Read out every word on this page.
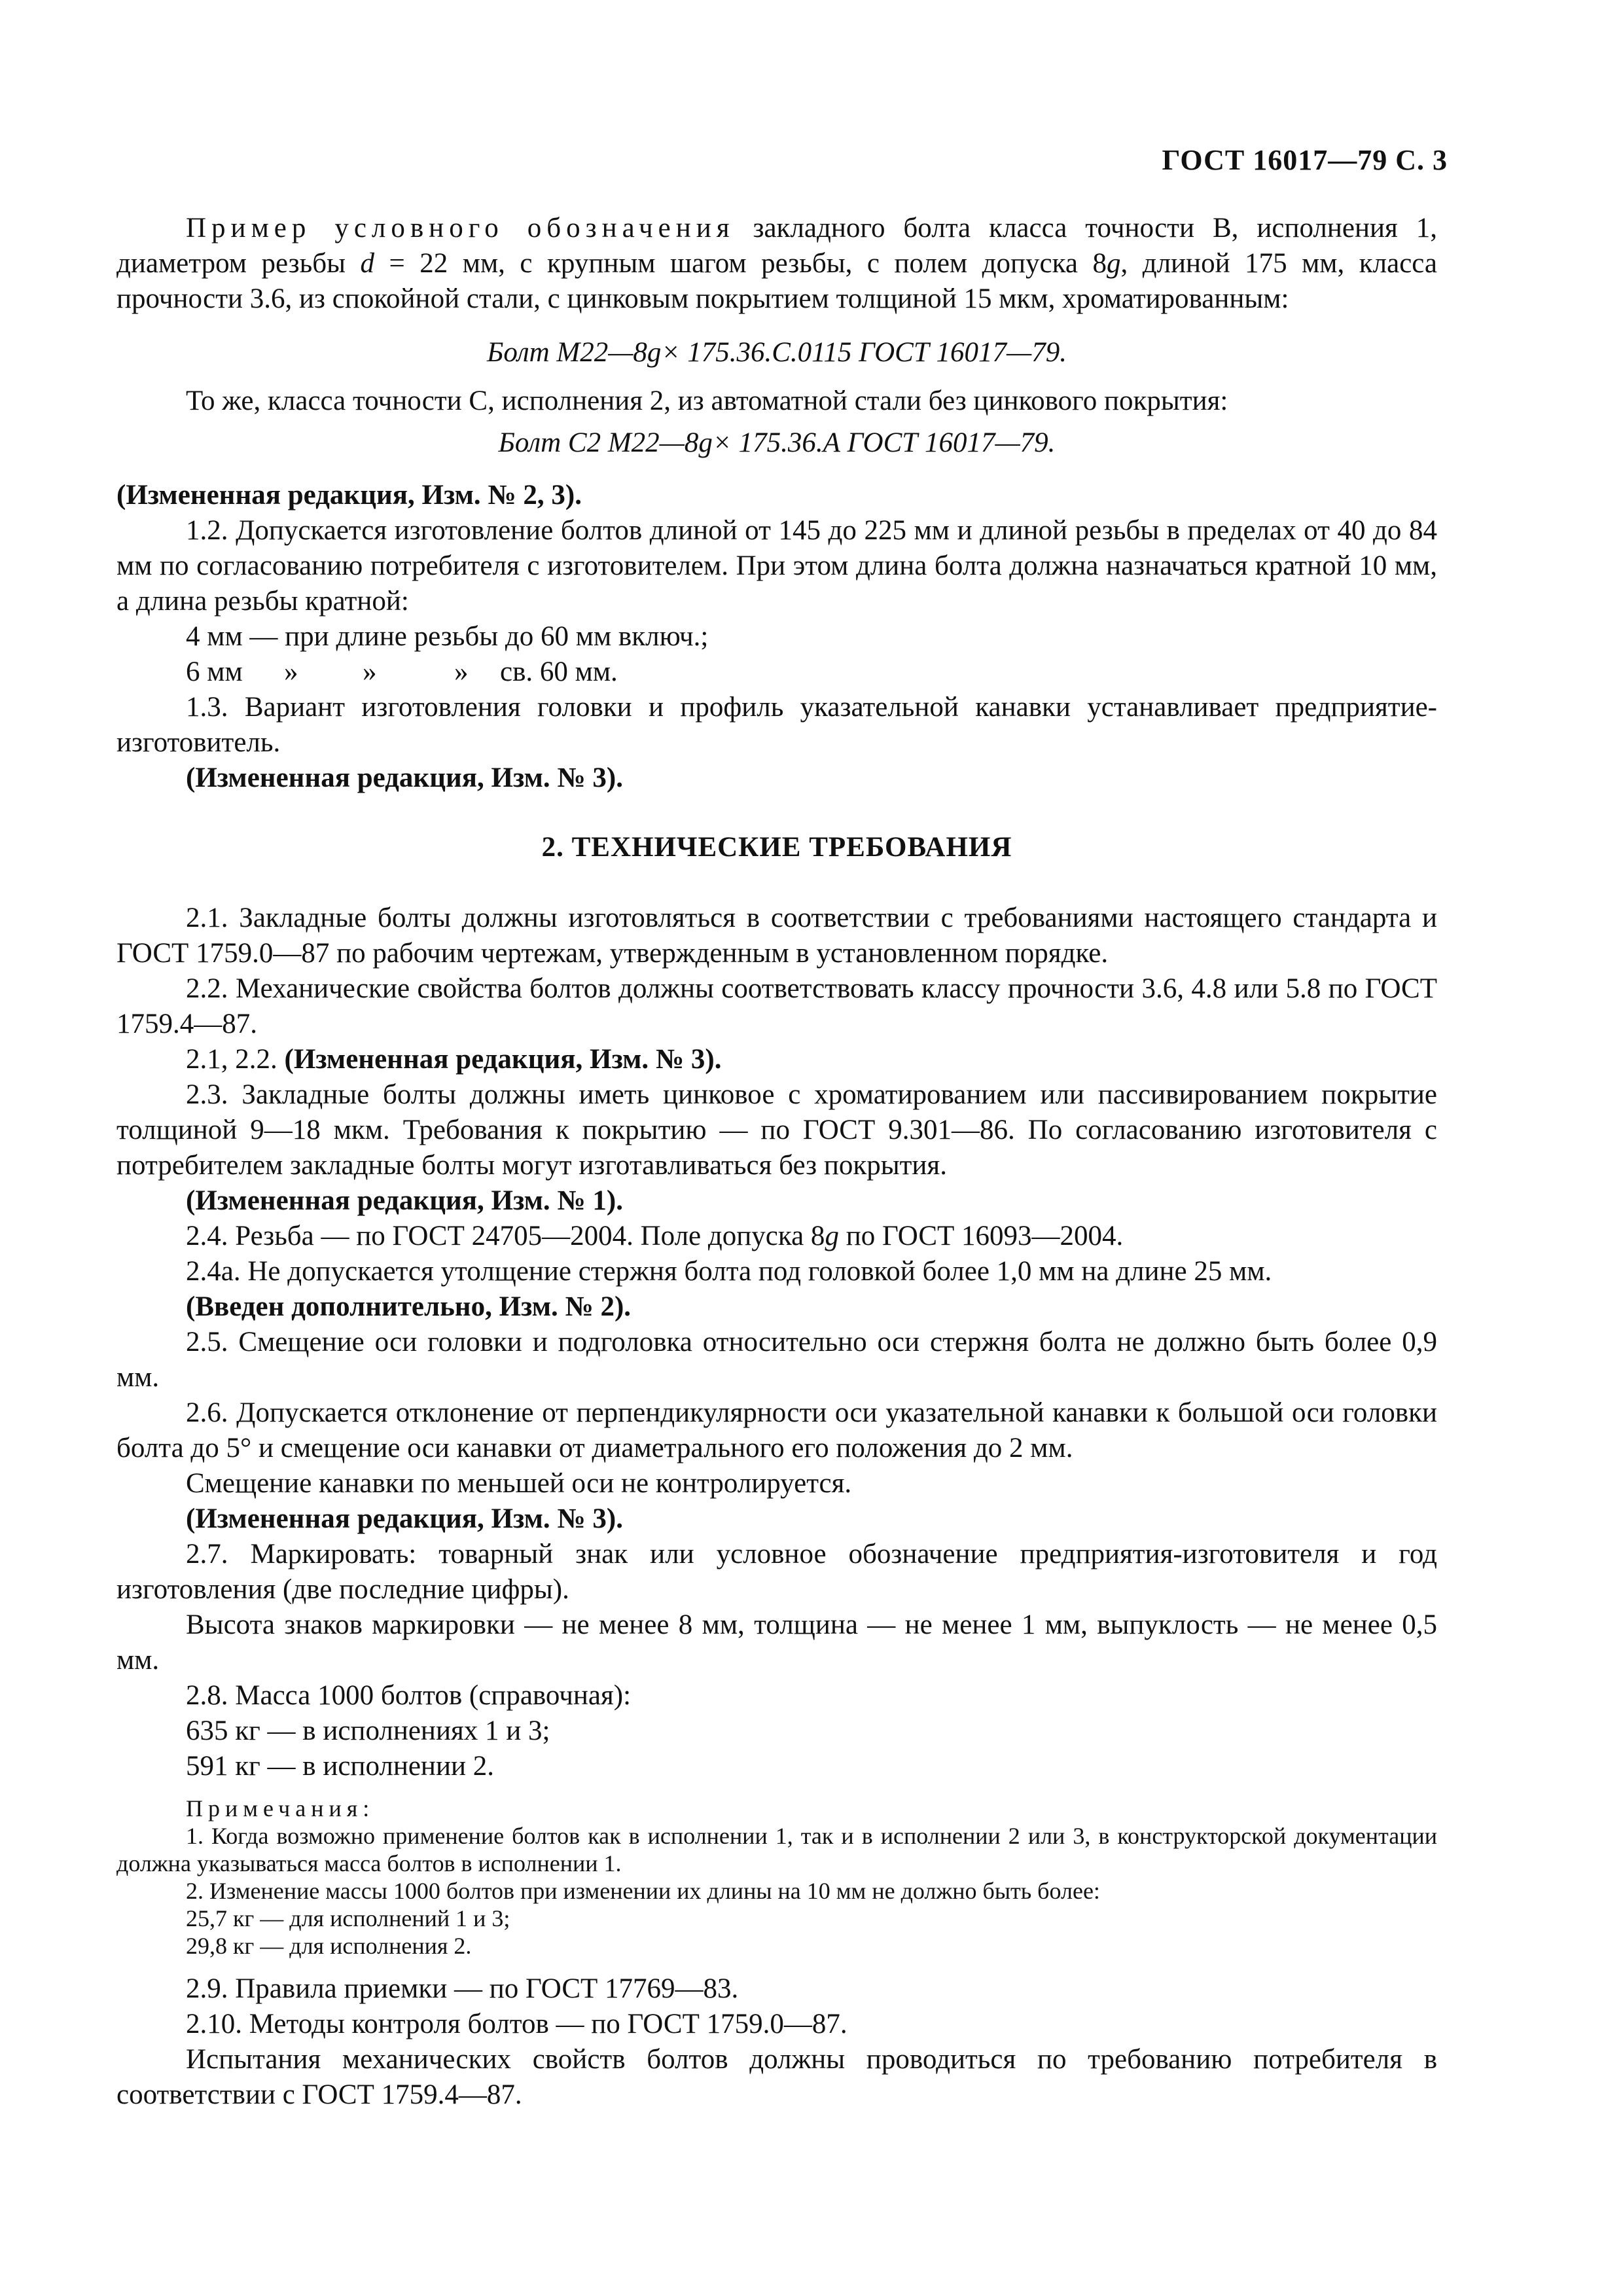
ГОСТ 16017—79 С. 3

Пример условного обозначения закладного болта класса точности В, исполнения 1, диаметром резьбы d = 22 мм, с крупным шагом резьбы, с полем допуска 8g, длиной 175 мм, класса прочности 3.6, из спокойной стали, с цинковым покрытием толщиной 15 мкм, хроматированным:

Болт М22—8g× 175.36.С.0115 ГОСТ 16017—79.

То же, класса точности С, исполнения 2, из автоматной стали без цинкового покрытия:

Болт С2 М22—8g× 175.36.А ГОСТ 16017—79.

(Измененная редакция, Изм. № 2, 3).

1.2. Допускается изготовление болтов длиной от 145 до 225 мм и длиной резьбы в пределах от 40 до 84 мм по согласованию потребителя с изготовителем. При этом длина болта должна назначаться кратной 10 мм, а длина резьбы кратной:

4 мм — при длине резьбы до 60 мм включ.;

6 мм	»	»	»	св. 60 мм.

1.3. Вариант изготовления головки и профиль указательной канавки устанавливает предприятие-изготовитель.

(Измененная редакция, Изм. № 3).

2. ТЕХНИЧЕСКИЕ ТРЕБОВАНИЯ

2.1. Закладные болты должны изготовляться в соответствии с требованиями настоящего стандарта и ГОСТ 1759.0—87 по рабочим чертежам, утвержденным в установленном порядке.

2.2. Механические свойства болтов должны соответствовать классу прочности 3.6, 4.8 или 5.8 по ГОСТ 1759.4—87.

2.1, 2.2. (Измененная редакция, Изм. № 3).

2.3. Закладные болты должны иметь цинковое с хроматированием или пассивированием покрытие толщиной 9—18 мкм. Требования к покрытию — по ГОСТ 9.301—86. По согласованию изготовителя с потребителем закладные болты могут изготавливаться без покрытия.

(Измененная редакция, Изм. № 1).

2.4. Резьба — по ГОСТ 24705—2004. Поле допуска 8g по ГОСТ 16093—2004.

2.4а. Не допускается утолщение стержня болта под головкой более 1,0 мм на длине 25 мм.

(Введен дополнительно, Изм. № 2).

2.5. Смещение оси головки и подголовка относительно оси стержня болта не должно быть более 0,9 мм.

2.6. Допускается отклонение от перпендикулярности оси указательной канавки к большой оси головки болта до 5° и смещение оси канавки от диаметрального его положения до 2 мм.

Смещение канавки по меньшей оси не контролируется.

(Измененная редакция, Изм. № 3).

2.7. Маркировать: товарный знак или условное обозначение предприятия-изготовителя и год изготовления (две последние цифры).

Высота знаков маркировки — не менее 8 мм, толщина — не менее 1 мм, выпуклость — не менее 0,5 мм.

2.8. Масса 1000 болтов (справочная):

635 кг — в исполнениях 1 и 3;

591 кг — в исполнении 2.

Примечания:

1. Когда возможно применение болтов как в исполнении 1, так и в исполнении 2 или 3, в конструкторской документации должна указываться масса болтов в исполнении 1.

2. Изменение массы 1000 болтов при изменении их длины на 10 мм не должно быть более:

25,7 кг — для исполнений 1 и 3;

29,8 кг — для исполнения 2.

2.9. Правила приемки — по ГОСТ 17769—83.

2.10. Методы контроля болтов — по ГОСТ 1759.0—87.

Испытания механических свойств болтов должны проводиться по требованию потребителя в соответствии с ГОСТ 1759.4—87.
